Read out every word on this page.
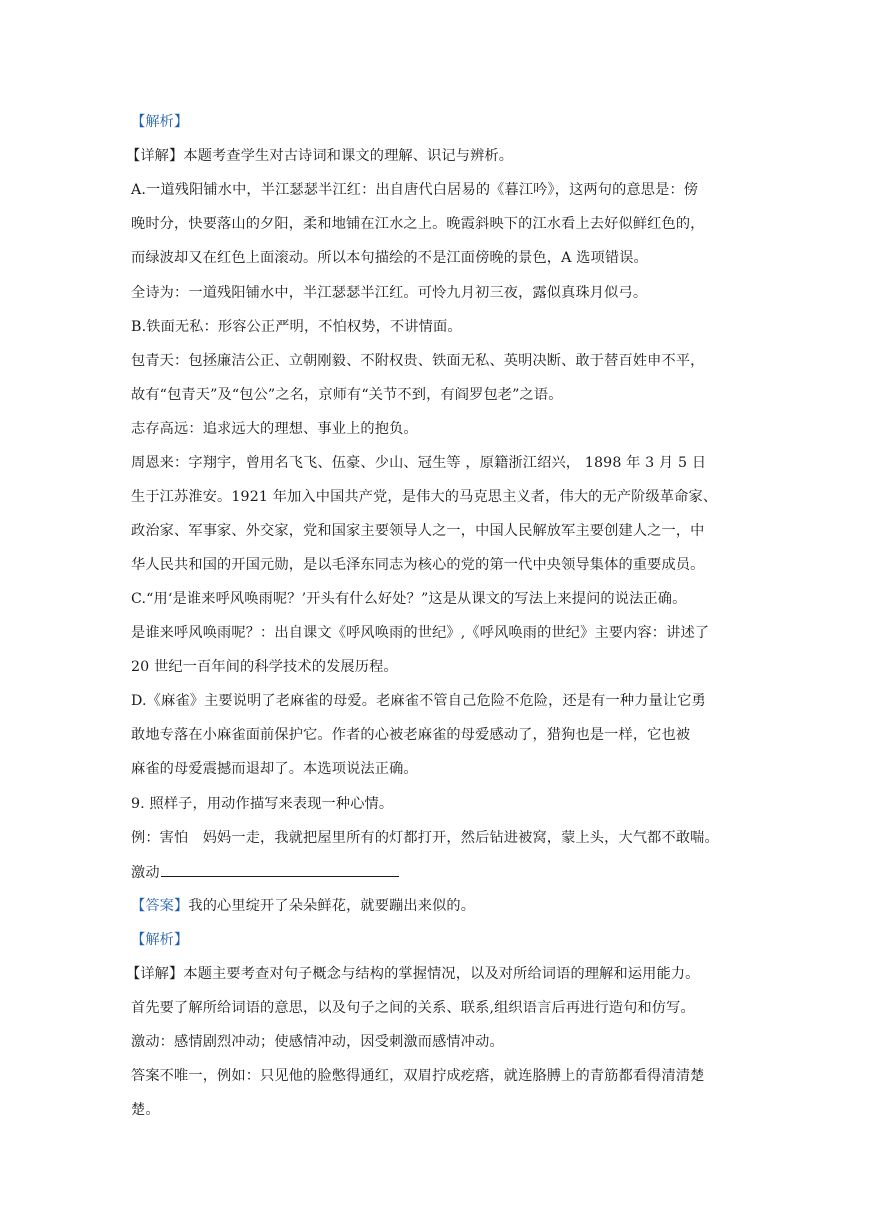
【解析】
【详解】本题考查学生对古诗词和课文的理解、识记与辨析。
A.一道残阳铺水中，半江瑟瑟半江红：出自唐代白居易的《暮江吟》，这两句的意思是：傍
晚时分，快要落山的夕阳，柔和地铺在江水之上。晚霞斜映下的江水看上去好似鲜红色的，
而绿波却又在红色上面滚动。所以本句描绘的不是江面傍晚的景色，A 选项错误。
全诗为：一道残阳铺水中，半江瑟瑟半江红。可怜九月初三夜，露似真珠月似弓。
B.铁面无私：形容公正严明，不怕权势，不讲情面。
包青天：包拯廉洁公正、立朝刚毅、不附权贵、铁面无私、英明决断、敢于替百姓申不平，
故有“包青天”及“包公”之名，京师有“关节不到，有阎罗包老”之语。
志存高远：追求远大的理想、事业上的抱负。
周恩来：字翔宇，曾用名飞飞、伍豪、少山、冠生等 ，原籍浙江绍兴， 1898 年 3 月 5 日
生于江苏淮安。1921 年加入中国共产党，是伟大的马克思主义者，伟大的无产阶级革命家、
政治家、军事家、外交家，党和国家主要领导人之一，中国人民解放军主要创建人之一，中
华人民共和国的开国元勋，是以毛泽东同志为核心的党的第一代中央领导集体的重要成员。
C.“用‘是谁来呼风唤雨呢？’开头有什么好处？”这是从课文的写法上来提问的说法正确。
是谁来呼风唤雨呢？：出自课文《呼风唤雨的世纪》,《呼风唤雨的世纪》主要内容：讲述了
20 世纪一百年间的科学技术的发展历程。
D.《麻雀》主要说明了老麻雀的母爱。老麻雀不管自己危险不危险，还是有一种力量让它勇
敢地专落在小麻雀面前保护它。作者的心被老麻雀的母爱感动了，猎狗也是一样，它也被
麻雀的母爱震撼而退却了。本选项说法正确。
9. 照样子，用动作描写来表现一种心情。
例：害怕　妈妈一走，我就把屋里所有的灯都打开，然后钻进被窝，蒙上头，大气都不敢喘。
激动
【答案】我的心里绽开了朵朵鲜花，就要蹦出来似的。
【解析】
【详解】本题主要考查对句子概念与结构的掌握情况，以及对所给词语的理解和运用能力。
首先要了解所给词语的意思，以及句子之间的关系、联系,组织语言后再进行造句和仿写。
激动：感情剧烈冲动；使感情冲动，因受刺激而感情冲动。
答案不唯一，例如：只见他的脸憋得通红，双眉拧成疙瘩，就连胳膊上的青筋都看得清清楚
楚。
